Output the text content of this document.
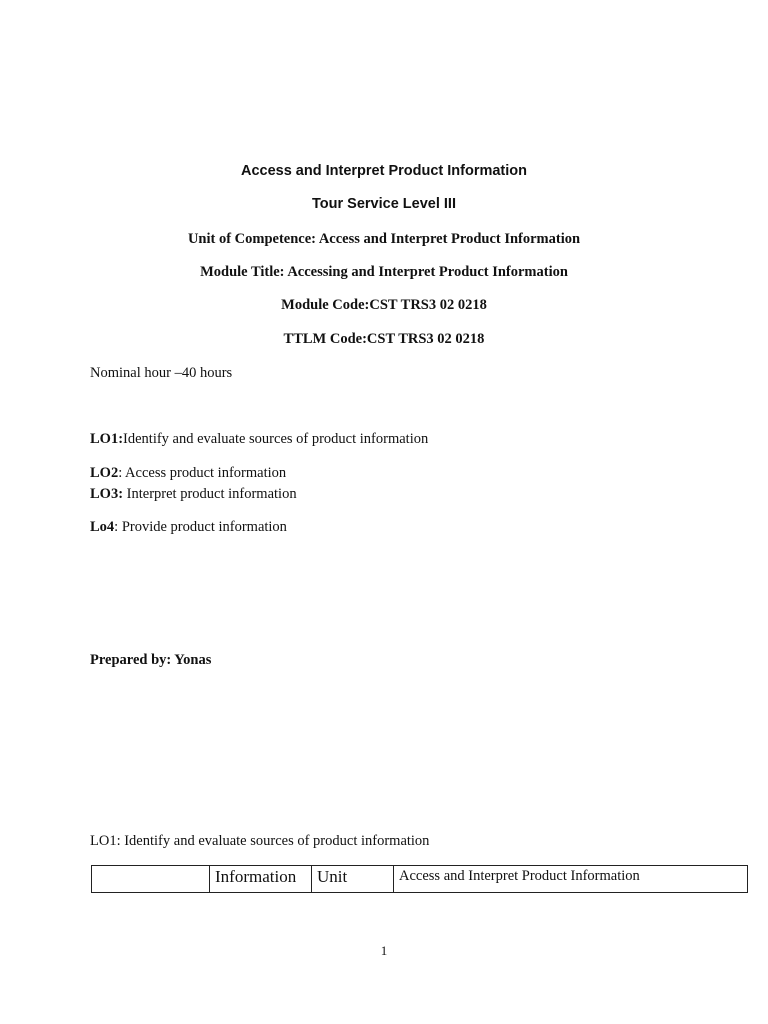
Access and Interpret Product Information
Tour Service Level III
Unit of Competence: Access and Interpret Product Information
Module Title: Accessing and Interpret Product Information
Module Code:CST TRS3 02 0218
TTLM Code:CST TRS3 02 0218
Nominal hour –40 hours
LO1:Identify and evaluate sources of product information
LO2: Access product information
LO3: Interpret product information
Lo4: Provide product information
Prepared by: Yonas
LO1: Identify and evaluate sources of product information
	Information	Unit	Access and Interpret Product Information
1
